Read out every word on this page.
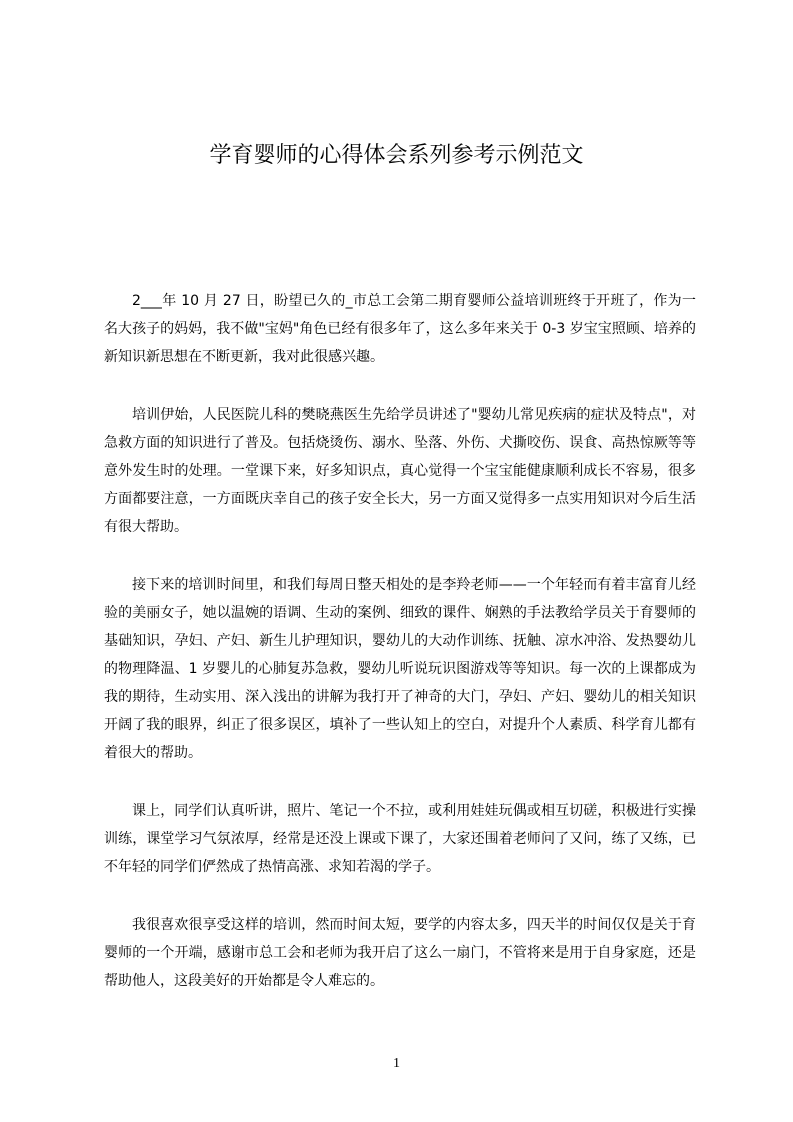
学育婴师的心得体会系列参考示例范文

2___年 10 月 27 日，盼望已久的_市总工会第二期育婴师公益培训班终于开班了，作为一名大孩子的妈妈，我不做"宝妈"角色已经有很多年了，这么多年来关于 0-3 岁宝宝照顾、培养的新知识新思想在不断更新，我对此很感兴趣。

培训伊始，人民医院儿科的樊晓燕医生先给学员讲述了"婴幼儿常见疾病的症状及特点"，对急救方面的知识进行了普及。包括烧烫伤、溺水、坠落、外伤、犬撕咬伤、误食、高热惊厥等等意外发生时的处理。一堂课下来，好多知识点，真心觉得一个宝宝能健康顺利成长不容易，很多方面都要注意，一方面既庆幸自己的孩子安全长大，另一方面又觉得多一点实用知识对今后生活有很大帮助。

接下来的培训时间里，和我们每周日整天相处的是李羚老师——一个年轻而有着丰富育儿经验的美丽女子，她以温婉的语调、生动的案例、细致的课件、娴熟的手法教给学员关于育婴师的基础知识，孕妇、产妇、新生儿护理知识，婴幼儿的大动作训练、抚触、凉水冲浴、发热婴幼儿的物理降温、1 岁婴儿的心肺复苏急救，婴幼儿听说玩识图游戏等等知识。每一次的上课都成为我的期待，生动实用、深入浅出的讲解为我打开了神奇的大门，孕妇、产妇、婴幼儿的相关知识开阔了我的眼界，纠正了很多误区，填补了一些认知上的空白，对提升个人素质、科学育儿都有着很大的帮助。

课上，同学们认真听讲，照片、笔记一个不拉，或利用娃娃玩偶或相互切磋，积极进行实操训练，课堂学习气氛浓厚，经常是还没上课或下课了，大家还围着老师问了又问，练了又练，已不年轻的同学们俨然成了热情高涨、求知若渴的学子。

我很喜欢很享受这样的培训，然而时间太短，要学的内容太多，四天半的时间仅仅是关于育婴师的一个开端，感谢市总工会和老师为我开启了这么一扇门，不管将来是用于自身家庭，还是帮助他人，这段美好的开始都是令人难忘的。

1
